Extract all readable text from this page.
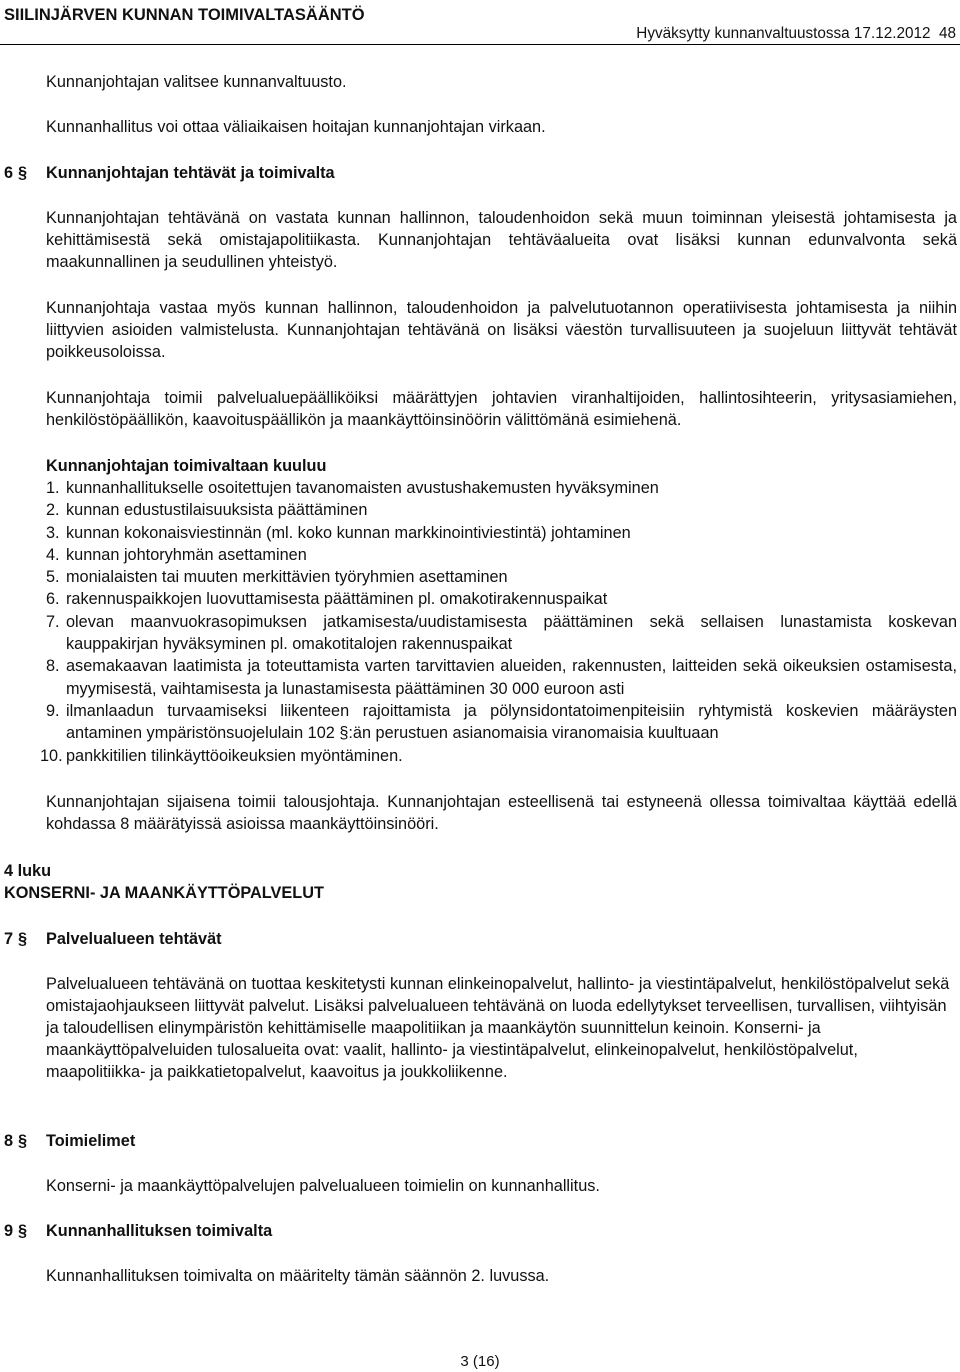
SIILINJÄRVEN KUNNAN TOIMIVALTASÄÄNTÖ
Hyväksytty kunnanvaltuustossa 17.12.2012 48

Kunnanjohtajan valitsee kunnanvaltuusto.

Kunnanhallitus voi ottaa väliaikaisen hoitajan kunnanjohtajan virkaan.

6 § Kunnanjohtajan tehtävät ja toimivalta

Kunnanjohtajan tehtävänä on vastata kunnan hallinnon, taloudenhoidon sekä muun toiminnan yleisestä johtamisesta ja kehittämisestä sekä omistajapolitiikasta. Kunnanjohtajan tehtäväalueita ovat lisäksi kunnan edunvalvonta sekä maakunnallinen ja seudullinen yhteistyö.

Kunnanjohtaja vastaa myös kunnan hallinnon, taloudenhoidon ja palvelutuotannon operatiivisesta johtamisesta ja niihin liittyvien asioiden valmistelusta. Kunnanjohtajan tehtävänä on lisäksi väestön turvallisuuteen ja suojeluun liittyvät tehtävät poikkeusoloissa.

Kunnanjohtaja toimii palvelualuepäälliköiksi määrättyjen johtavien viranhaltijoiden, hallintosihteerin, yritysasiamiehen, henkilöstöpäällikön, kaavoituspäällikön ja maankäyttöinsinöörin välittömänä esimiehenä.

Kunnanjohtajan toimivaltaan kuuluu

1. kunnanhallitukselle osoitettujen tavanomaisten avustushakemusten hyväksyminen
2. kunnan edustustilaisuuksista päättäminen
3. kunnan kokonaisviestinnän (ml. koko kunnan markkinointiviestintä) johtaminen
4. kunnan johtoryhmän asettaminen
5. monialaisten tai muuten merkittävien työryhmien asettaminen
6. rakennuspaikkojen luovuttamisesta päättäminen pl. omakotirakennuspaikat
7. olevan maanvuokrasopimuksen jatkamisesta/uudistamisesta päättäminen sekä sellaisen lunastamista koskevan kauppakirjan hyväksyminen pl. omakotitalojen rakennuspaikat
8. asemakaavan laatimista ja toteuttamista varten tarvittavien alueiden, rakennusten, laitteiden sekä oikeuksien ostamisesta, myymisestä, vaihtamisesta ja lunastamisesta päättäminen 30 000 euroon asti
9. ilmanlaadun turvaamiseksi liikenteen rajoittamista ja pölynsidontatoimenpiteisiin ryhtymistä koskevien määräysten antaminen ympäristönsuojelulain 102 §:än perustuen asianomaisia viranomaisia kuultuaan
10. pankkitilien tilinkäyttöoikeuksien myöntäminen.

Kunnanjohtajan sijaisena toimii talousjohtaja. Kunnanjohtajan esteellisenä tai estyneenä ollessa toimivaltaa käyttää edellä kohdassa 8 määrätyissä asioissa maankäyttöinsinööri.

4 luku
KONSERNI- JA MAANKÄYTTÖPALVELUT
7 § Palvelualueen tehtävät

Palvelualueen tehtävänä on tuottaa keskitetysti kunnan elinkeinopalvelut, hallinto- ja viestintäpalvelut, henkilöstöpalvelut sekä omistajaohjaukseen liittyvät palvelut. Lisäksi palvelualueen tehtävänä on luoda edellytykset terveellisen, turvallisen, viihtyisän ja taloudellisen elinympäristön kehittämiselle maapolitiikan ja maankäytön suunnittelun keinoin. Konserni- ja maankäyttöpalveluiden tulosalueita ovat: vaalit, hallinto- ja viestintäpalvelut, elinkeinopalvelut, henkilöstöpalvelut, maapolitiikka- ja paikkatietopalvelut, kaavoitus ja joukkoliikenne.

8 § Toimielimet

Konserni- ja maankäyttöpalvelujen palvelualueen toimielin on kunnanhallitus.

9 § Kunnanhallituksen toimivalta

Kunnanhallituksen toimivalta on määritelty tämän säännön 2. luvussa.

3 (16)
